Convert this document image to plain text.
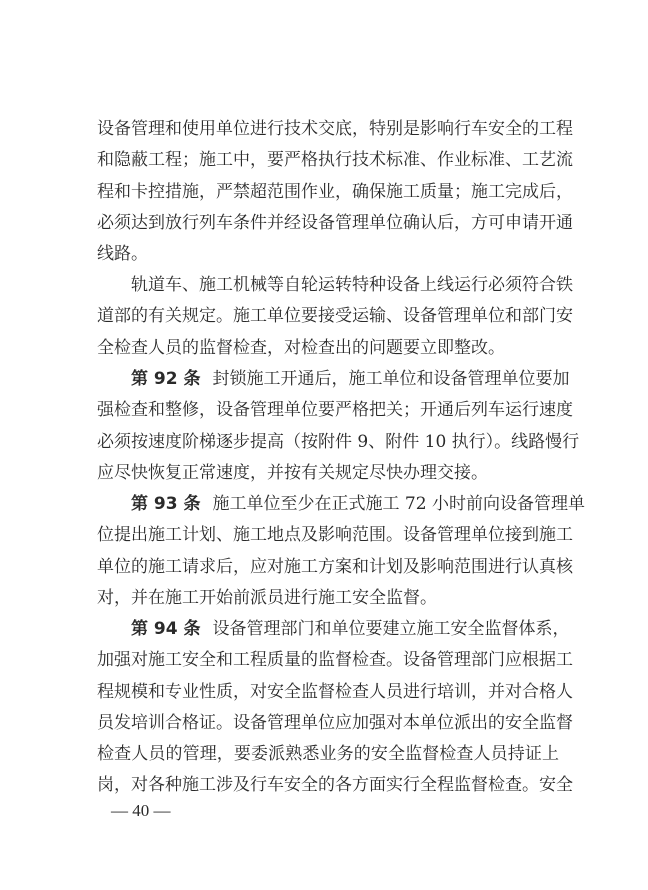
设备管理和使用单位进行技术交底，特别是影响行车安全的工程
和隐蔽工程；施工中，要严格执行技术标准、作业标准、工艺流
程和卡控措施，严禁超范围作业，确保施工质量；施工完成后，
必须达到放行列车条件并经设备管理单位确认后，方可申请开通
线路。
轨道车、施工机械等自轮运转特种设备上线运行必须符合铁
道部的有关规定。施工单位要接受运输、设备管理单位和部门安
全检查人员的监督检查，对检查出的问题要立即整改。
第 92 条 封锁施工开通后，施工单位和设备管理单位要加
强检查和整修，设备管理单位要严格把关；开通后列车运行速度
必须按速度阶梯逐步提高（按附件 9、附件 10 执行）。线路慢行
应尽快恢复正常速度，并按有关规定尽快办理交接。
第 93 条 施工单位至少在正式施工 72 小时前向设备管理单
位提出施工计划、施工地点及影响范围。设备管理单位接到施工
单位的施工请求后，应对施工方案和计划及影响范围进行认真核
对，并在施工开始前派员进行施工安全监督。
第 94 条 设备管理部门和单位要建立施工安全监督体系，
加强对施工安全和工程质量的监督检查。设备管理部门应根据工
程规模和专业性质，对安全监督检查人员进行培训，并对合格人
员发培训合格证。设备管理单位应加强对本单位派出的安全监督
检查人员的管理，要委派熟悉业务的安全监督检查人员持证上
岗，对各种施工涉及行车安全的各方面实行全程监督检查。安全
— 40 —
